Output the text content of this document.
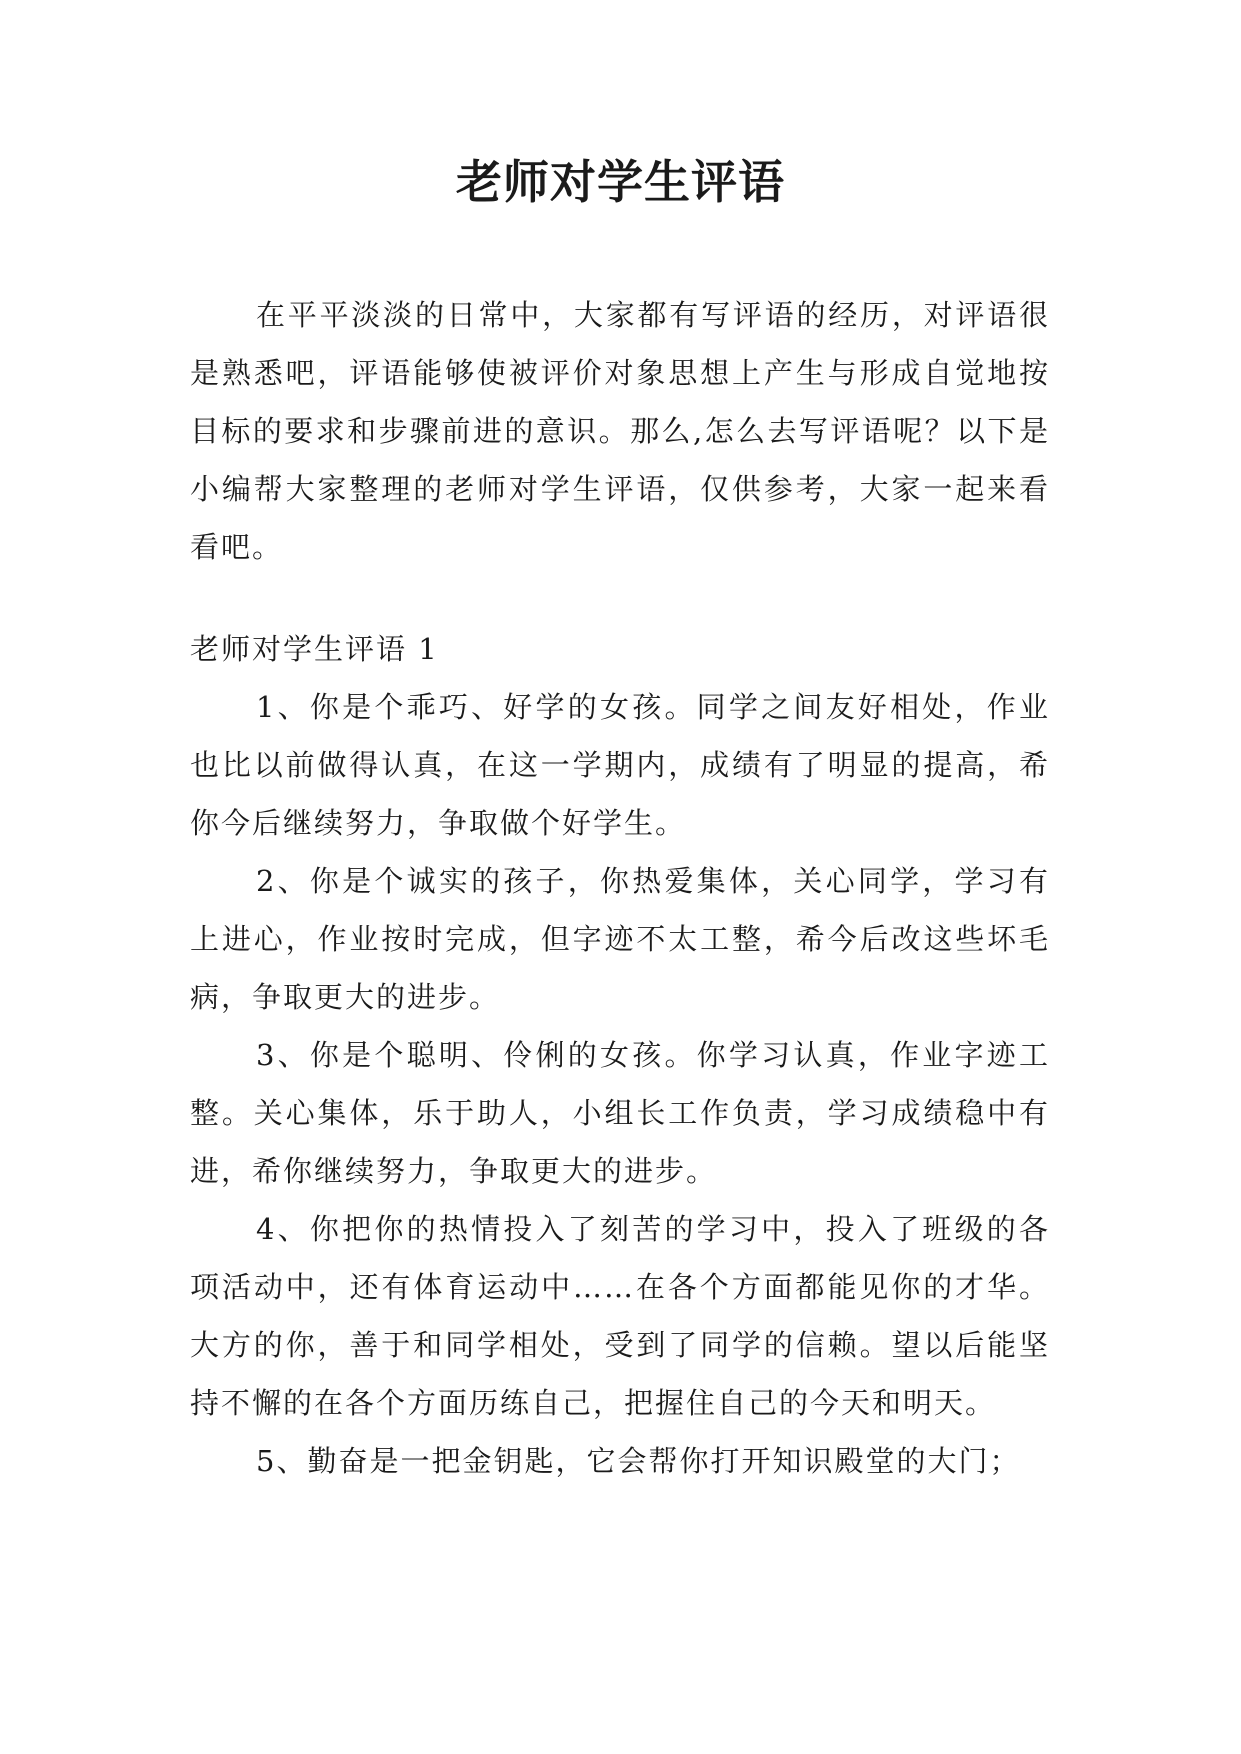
老师对学生评语

在平平淡淡的日常中，大家都有写评语的经历，对评语很是熟悉吧，评语能够使被评价对象思想上产生与形成自觉地按目标的要求和步骤前进的意识。那么,怎么去写评语呢？以下是小编帮大家整理的老师对学生评语，仅供参考，大家一起来看看吧。

老师对学生评语 1

1、你是个乖巧、好学的女孩。同学之间友好相处，作业也比以前做得认真，在这一学期内，成绩有了明显的提高，希你今后继续努力，争取做个好学生。

2、你是个诚实的孩子，你热爱集体，关心同学，学习有上进心，作业按时完成，但字迹不太工整，希今后改这些坏毛病，争取更大的进步。

3、你是个聪明、伶俐的女孩。你学习认真，作业字迹工整。关心集体，乐于助人，小组长工作负责，学习成绩稳中有进，希你继续努力，争取更大的进步。

4、你把你的热情投入了刻苦的学习中，投入了班级的各项活动中，还有体育运动中……在各个方面都能见你的才华。大方的你，善于和同学相处，受到了同学的信赖。望以后能坚持不懈的在各个方面历练自己，把握住自己的今天和明天。

5、勤奋是一把金钥匙，它会帮你打开知识殿堂的大门；
